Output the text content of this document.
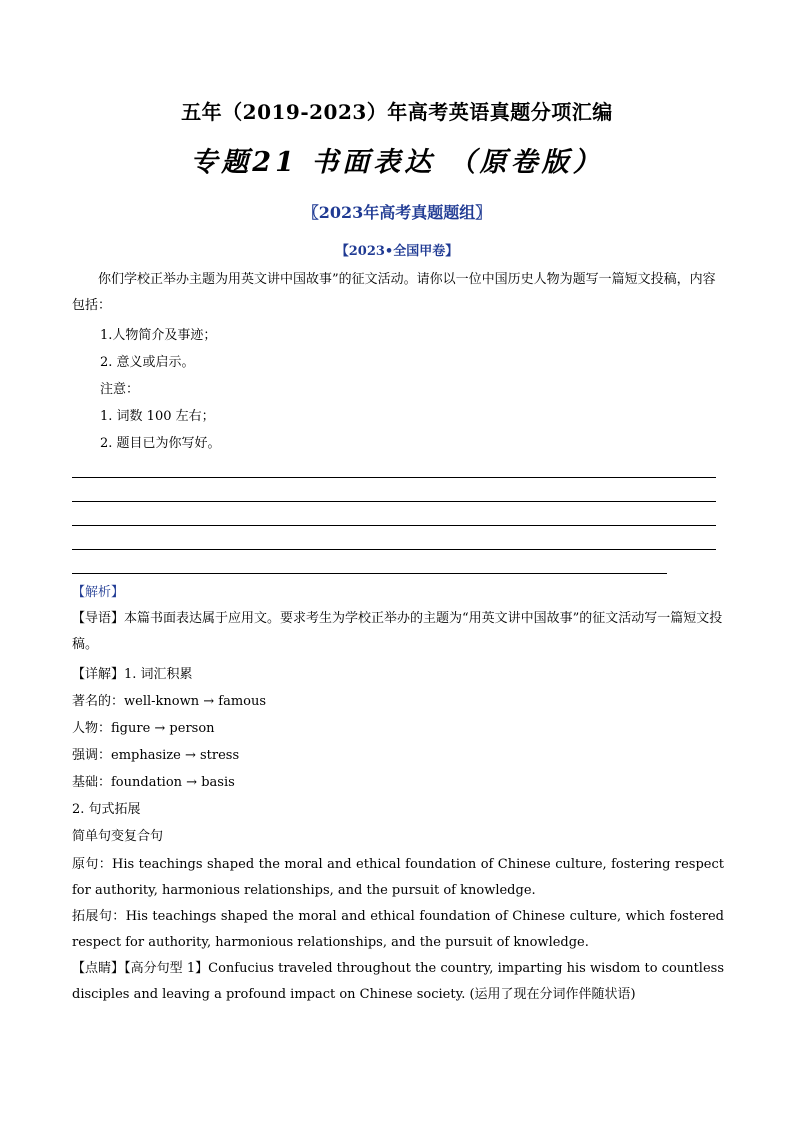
五年（2019-2023）年高考英语真题分项汇编
专题21 书面表达 （原卷版）
〖2023年高考真题题组〗
【2023•全国甲卷】
你们学校正举办主题为用英文讲中国故事”的征文活动。请你以一位中国历史人物为题写一篇短文投稿，内容包括：
1.人物简介及事迹；
2. 意义或启示。
注意：
1. 词数 100 左右；
2. 题目已为你写好。
【解析】
【导语】本篇书面表达属于应用文。要求考生为学校正举办的主题为“用英文讲中国故事”的征文活动写一篇短文投稿。
【详解】1. 词汇积累
著名的：well-known → famous
人物：figure → person
强调：emphasize → stress
基础：foundation → basis
2. 句式拓展
简单句变复合句
原句：His teachings shaped the moral and ethical foundation of Chinese culture, fostering respect for authority, harmonious relationships, and the pursuit of knowledge.
拓展句：His teachings shaped the moral and ethical foundation of Chinese culture, which fostered respect for authority, harmonious relationships, and the pursuit of knowledge.
【点睛】【高分句型 1】Confucius traveled throughout the country, imparting his wisdom to countless disciples and leaving a profound impact on Chinese society. (运用了现在分词作伴随状语)
